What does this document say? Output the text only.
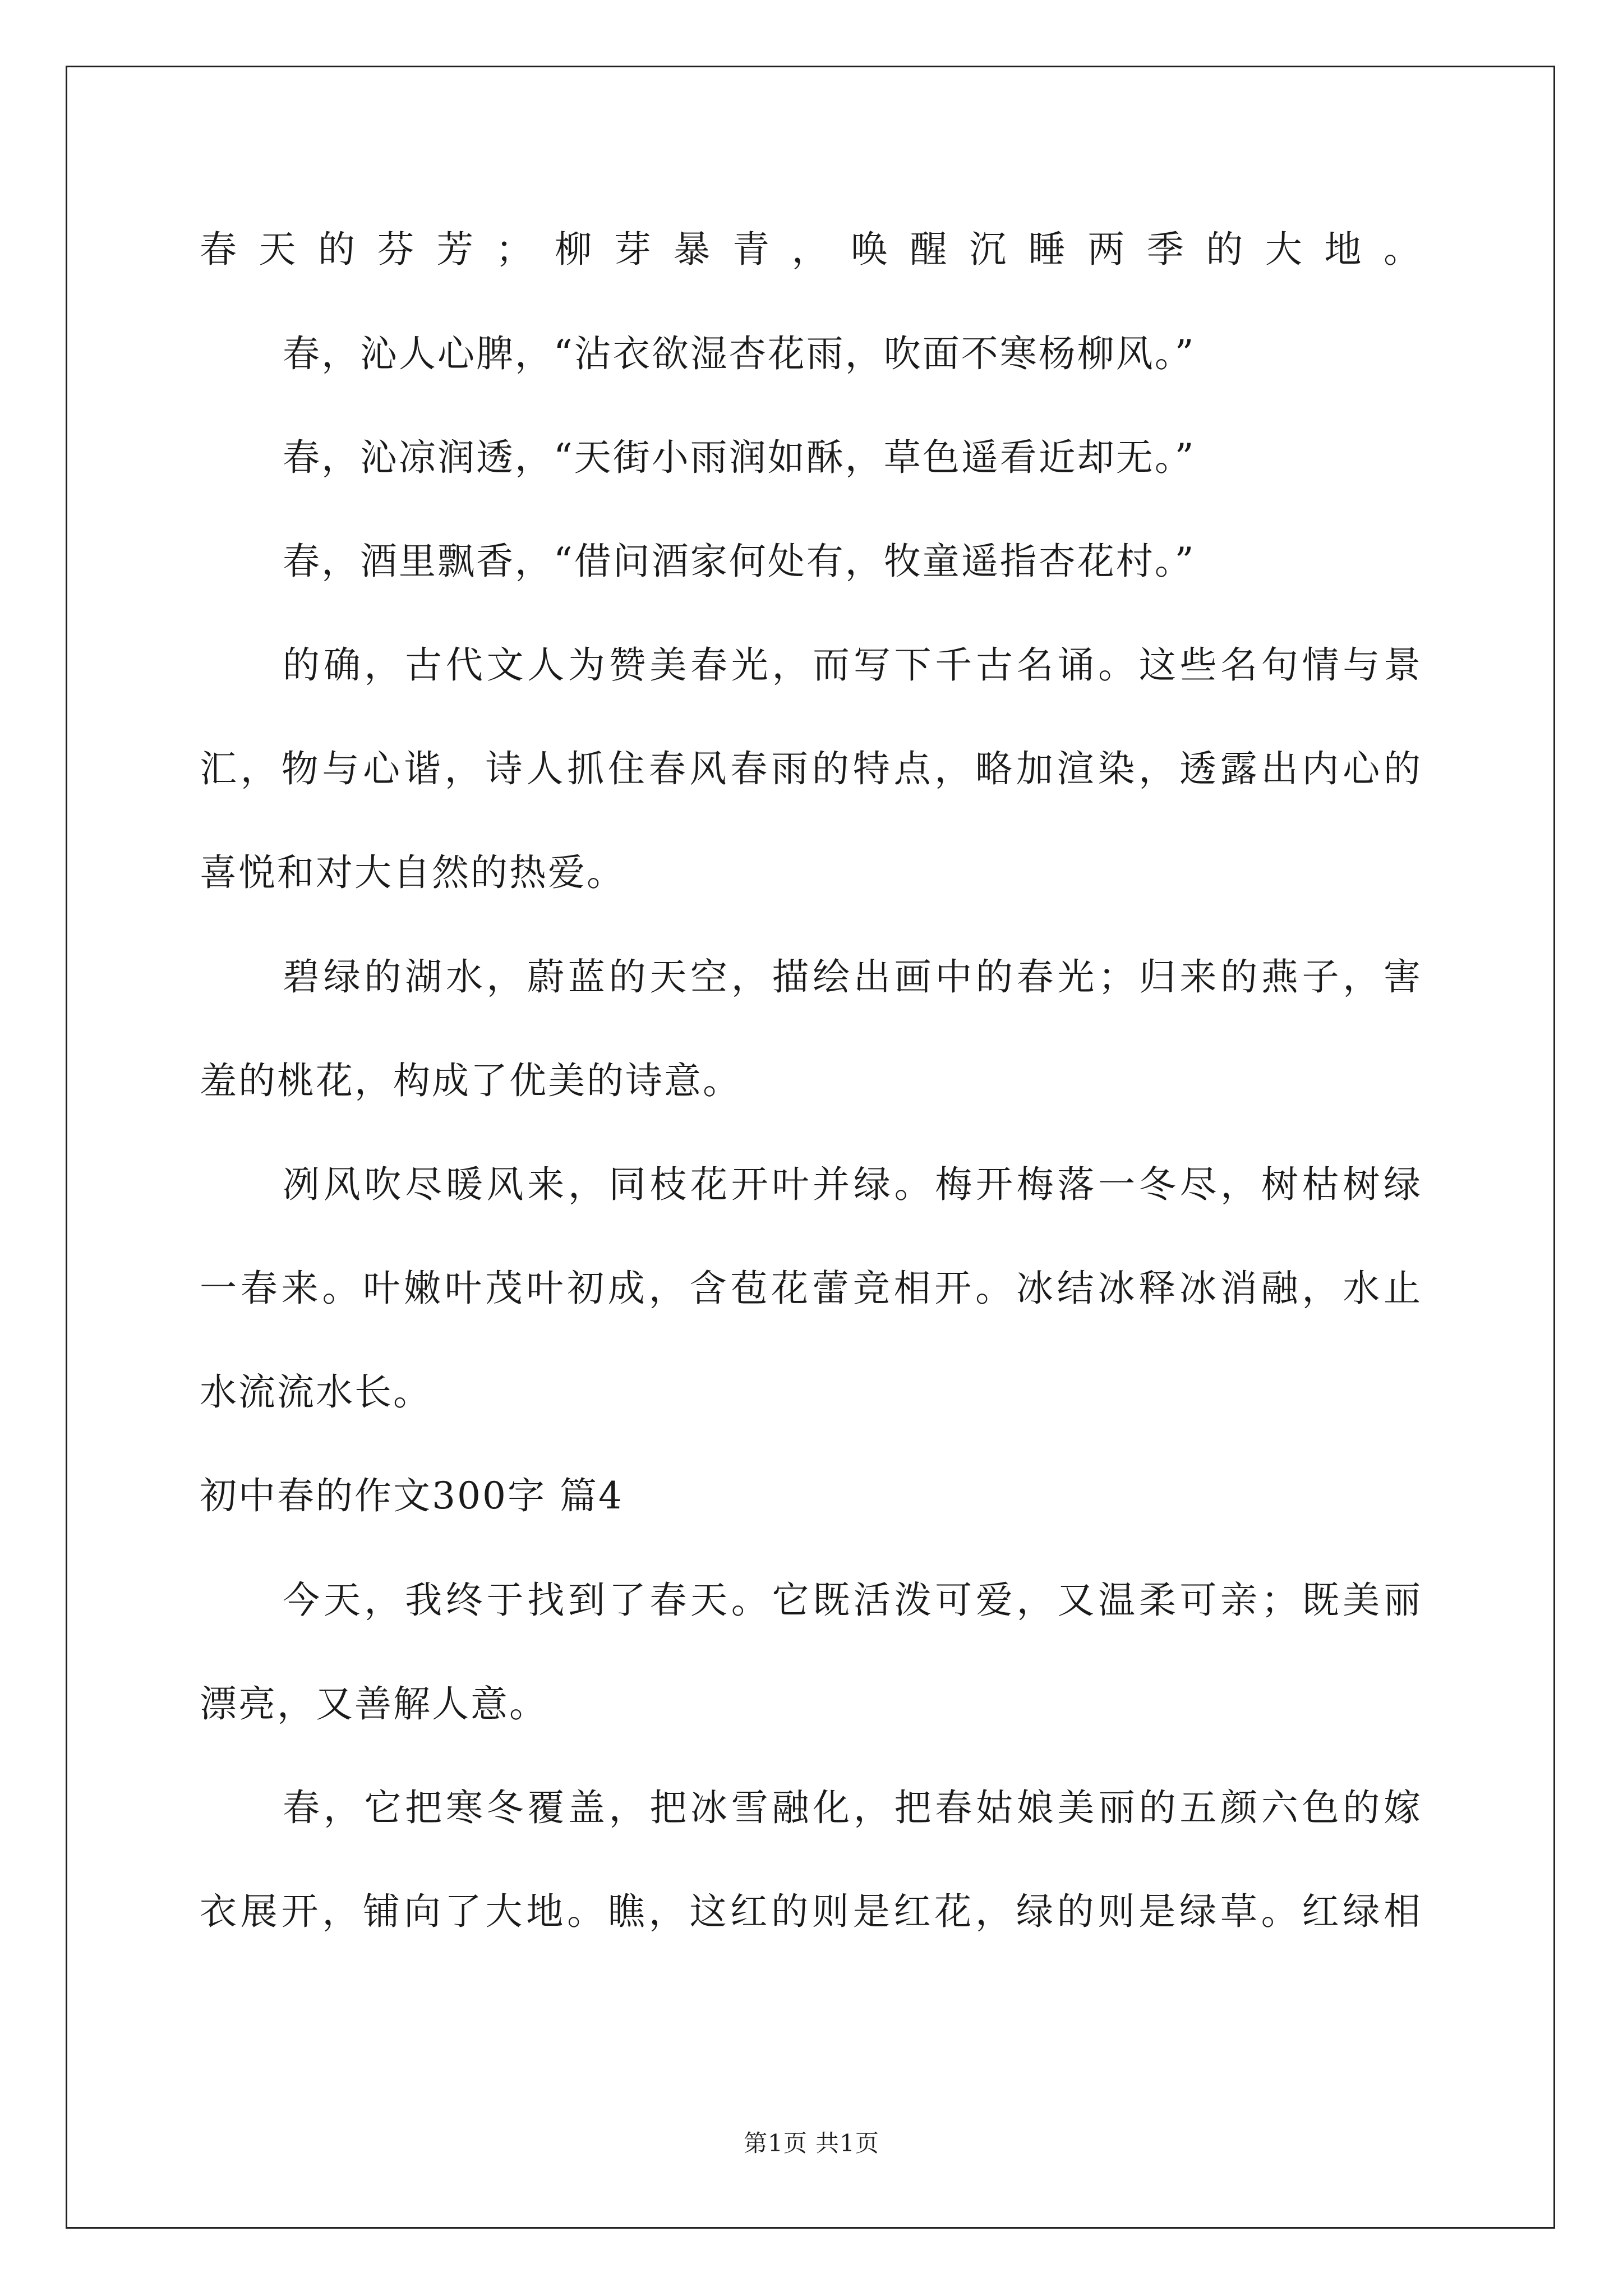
春天的芬芳；柳芽暴青，唤醒沉睡两季的大地。
春，沁人心脾，“沾衣欲湿杏花雨，吹面不寒杨柳风。”
春，沁凉润透，“天街小雨润如酥，草色遥看近却无。”
春，酒里飘香，“借问酒家何处有，牧童遥指杏花村。”
的确，古代文人为赞美春光，而写下千古名诵。这些名句情与景
汇，物与心谐，诗人抓住春风春雨的特点，略加渲染，透露出内心的
喜悦和对大自然的热爱。
碧绿的湖水，蔚蓝的天空，描绘出画中的春光；归来的燕子，害
羞的桃花，构成了优美的诗意。
冽风吹尽暖风来，同枝花开叶并绿。梅开梅落一冬尽，树枯树绿
一春来。叶嫩叶茂叶初成，含苞花蕾竞相开。冰结冰释冰消融，水止
水流流水长。
初中春的作文300字 篇4
今天，我终于找到了春天。它既活泼可爱，又温柔可亲；既美丽
漂亮，又善解人意。
春，它把寒冬覆盖，把冰雪融化，把春姑娘美丽的五颜六色的嫁
衣展开，铺向了大地。瞧，这红的则是红花，绿的则是绿草。红绿相
第1页 共1页
